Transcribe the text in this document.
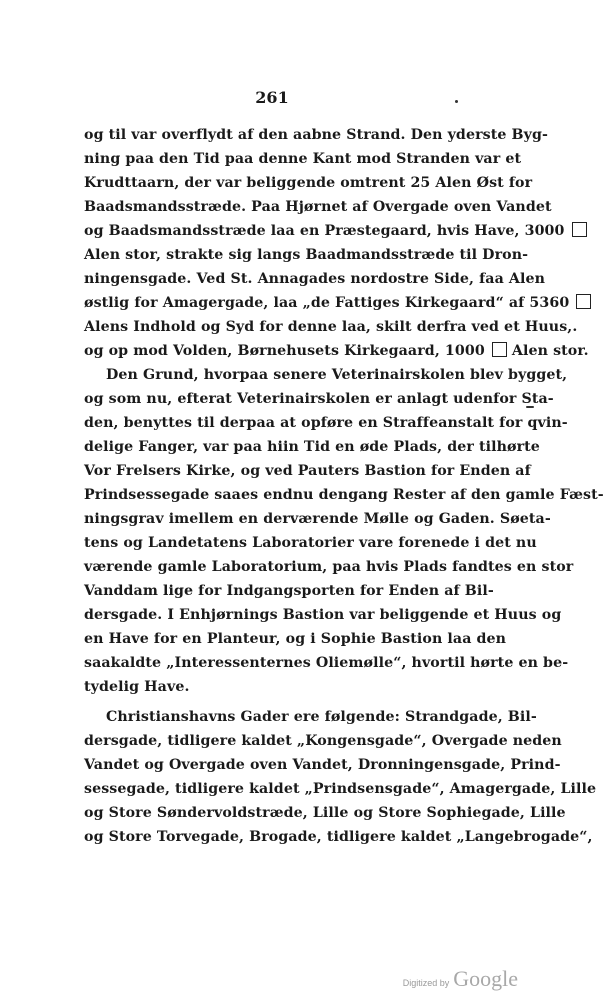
261
og til var overflydt af den aabne Strand. Den yderste Byg-
ning paa den Tid paa denne Kant mod Stranden var et
Krudttaarn, der var beliggende omtrent 25 Alen Øst for
Baadsmandsstræde. Paa Hjørnet af Overgade oven Vandet
og Baadsmandsstræde laa en Præstegaard, hvis Have, 3000
Alen stor, strakte sig langs Baadmandsstræde til Dron-
ningensgade. Ved St. Annagades nordostre Side, faa Alen
østlig for Amagergade, laa „de Fattiges Kirkegaard“ af 5360
Alens Indhold og Syd for denne laa, skilt derfra ved et Huus,.
og op mod Volden, Børnehusets Kirkegaard, 1000 Alen stor.
Den Grund, hvorpaa senere Veterinairskolen blev bygget,
og som nu, efterat Veterinairskolen er anlagt udenfor Sta-
den, benyttes til derpaa at opføre en Straffeanstalt for qvin-
delige Fanger, var paa hiin Tid en øde Plads, der tilhørte
Vor Frelsers Kirke, og ved Pauters Bastion for Enden af
Prindsessegade saaes endnu dengang Rester af den gamle Fæst-
ningsgrav imellem en derværende Mølle og Gaden. Søeta-
tens og Landetatens Laboratorier vare forenede i det nu
værende gamle Laboratorium, paa hvis Plads fandtes en stor
Vanddam lige for Indgangsporten for Enden af Bil-
dersgade. I Enhjørnings Bastion var beliggende et Huus og
en Have for en Planteur, og i Sophie Bastion laa den
saakaldte „Interessenternes Oliemølle“, hvortil hørte en be-
tydelig Have.
Christianshavns Gader ere følgende: Strandgade, Bil-
dersgade, tidligere kaldet „Kongensgade“, Overgade neden
Vandet og Overgade oven Vandet, Dronningensgade, Prind-
sessegade, tidligere kaldet „Prindsensgade“, Amagergade, Lille
og Store Søndervoldstræde, Lille og Store Sophiegade, Lille
og Store Torvegade, Brogade, tidligere kaldet „Langebrogade“,
Digitized by Google
